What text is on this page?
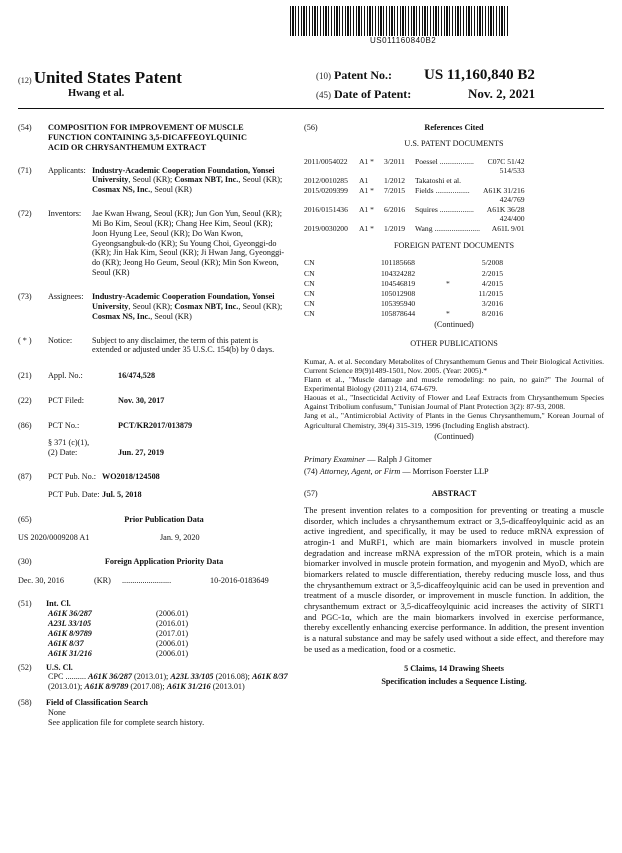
US011160840B2
(12) United States Patent
Hwang et al.
(10) Patent No.: US 11,160,840 B2
(45) Date of Patent:	Nov. 2, 2021
(54)	COMPOSITION FOR IMPROVEMENT OF MUSCLE FUNCTION CONTAINING 3,5-DICAFFEOYLQUINIC ACID OR CHRYSANTHEMUM EXTRACT
(71)	Applicants: Industry-Academic Cooperation Foundation, Yonsei University, Seoul (KR); Cosmax NBT, Inc., Seoul (KR); Cosmax NS, Inc., Seoul (KR)
(72)	Inventors:	Jae Kwan Hwang, Seoul (KR); Jun Gon Yun, Seoul (KR); Mi Bo Kim, Seoul (KR); Chang Hee Kim, Seoul (KR); Joon Hyung Lee, Seoul (KR); Do Wan Kwon, Gyeongsangbuk-do (KR); Su Young Choi, Gyeonggi-do (KR); Jin Hak Kim, Seoul (KR); Ji Hwan Jang, Gyeonggi-do (KR); Jeong Ho Geum, Seoul (KR); Min Son Kweon, Seoul (KR)
(73)	Assignees:	Industry-Academic Cooperation Foundation, Yonsei University, Seoul (KR); Cosmax NBT, Inc., Seoul (KR); Cosmax NS, Inc., Seoul (KR)
( * )	Notice:	Subject to any disclaimer, the term of this patent is extended or adjusted under 35 U.S.C. 154(b) by 0 days.
(21)	Appl. No.:	16/474,528
(22)	PCT Filed:	Nov. 30, 2017
(86)	PCT No.:	PCT/KR2017/013879
§ 371 (c)(1),
(2) Date:	Jun. 27, 2019
(87)	PCT Pub. No.: WO2018/124508
PCT Pub. Date: Jul. 5, 2018
(65)	Prior Publication Data
US 2020/0009208 A1	Jan. 9, 2020
(30)	Foreign Application Priority Data
Dec. 30, 2016	(KR)	........................	10-2016-0183649
(51)	Int. Cl.
A61K 36/287	(2006.01)
A23L 33/105	(2016.01)
A61K 8/9789	(2017.01)
A61K 8/37	(2006.01)
A61K 31/216	(2006.01)
(52)	U.S. Cl.
CPC .......... A61K 36/287 (2013.01); A23L 33/105 (2016.08); A61K 8/37 (2013.01); A61K 8/9789 (2017.08); A61K 31/216 (2013.01)
(58)	Field of Classification Search
None
See application file for complete search history.
(56)	References Cited
U.S. PATENT DOCUMENTS
2011/0054022	A1 *	3/2011	Poessel ..................	C07C 51/42
514/533

2012/0010285	A1	1/2012	Takatoshi et al.	

2015/0209399	A1 *	7/2015	Fields ..................	A61K 31/216
424/769

2016/0151436	A1 *	6/2016	Squires ..................	A61K 36/28
424/400

2019/0030200	A1 *	1/2019	Wang ........................	A61L 9/01
FOREIGN PATENT DOCUMENTS
CN	101185668		5/2008
CN	104324282		2/2015
CN	104546819	*	4/2015
CN	105012908		11/2015
CN	105395940		3/2016
CN	105878644	*	8/2016
(Continued)
OTHER PUBLICATIONS
Kumar, A. et al. Secondary Metabolites of Chrysanthemum Genus and Their Biological Activities. Current Science 89(9)1489-1501, Nov. 2005. (Year: 2005).*
Flann et al., "Muscle damage and muscle remodeling: no pain, no gain?" The Journal of Experimental Biology (2011) 214, 674-679.
Haouas et al., "Insecticidal Activity of Flower and Leaf Extracts from Chrysanthemum Species Against Tribolium confusum," Tunisian Journal of Plant Protection 3(2): 87-93, 2008.
Jang et al., "Antimicrobial Activity of Plants in the Genus Chrysanthemum," Korean Journal of Agricultural Chemistry, 39(4) 315-319, 1996 (Including English abstract).
(Continued)
Primary Examiner — Ralph J Gitomer
(74) Attorney, Agent, or Firm — Morrison Foerster LLP
(57)	ABSTRACT

The present invention relates to a composition for preventing or treating a muscle disorder, which includes a chrysanthemum extract or 3,5-dicaffeoylquinic acid as an active ingredient, and specifically, it may be used to reduce mRNA expression of atrogin-1 and MuRF1, which are main biomarkers involved in muscle protein degradation and increase mRNA expression of the mTOR protein, which is a main biomarker involved in muscle protein formation, and myogenin and MyoD, which are biomarkers related to muscle differentiation, thereby reducing muscle loss, and thus the chrysanthemum extract or 3,5-dicaffeoylquinic acid can be used in prevention and treatment of a muscle disorder, or improvement in muscle function. In addition, the chrysanthemum extract or 3,5-dicaffeoylquinic acid increases the activity of SIRT1 and PGC-1α, which are the main biomarkers involved in exercise performance, thereby excellently enhancing exercise performance. In addition, the present invention is a natural substance and may be safely used without a side effect, and therefore may be used as a medication, food or a cosmetic.

5 Claims, 14 Drawing Sheets
Specification includes a Sequence Listing.
